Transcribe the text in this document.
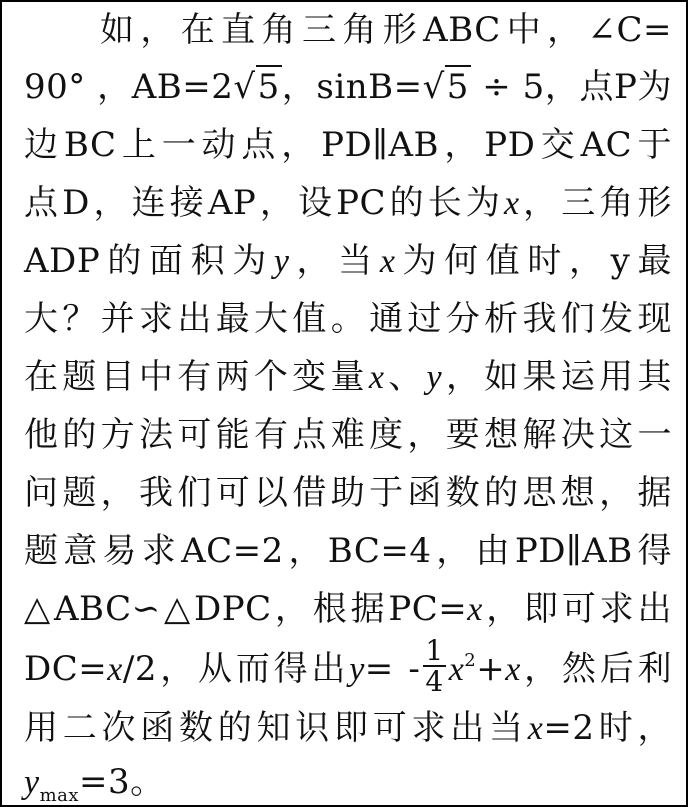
如，在直角三角形ABC中，∠C=
90° ，AB=2√5，sinB=√5 ÷ 5，点P为
边BC上一动点，PD∥AB，PD交AC于
点D，连接AP，设PC的长为x，三角形
ADP的面积为y，当x为何值时，y最
大？并求出最大值。通过分析我们发现
在题目中有两个变量x、y，如果运用其
他的方法可能有点难度，要想解决这一
问题，我们可以借助于函数的思想，据
题意易求AC=2，BC=4，由PD∥AB得
△ABC∽△DPC，根据PC=x，即可求出
DC=x/2，从而得出$y= - \frac{1}{4} x^2+x$，然后利
用二次函数的知识即可求出当x=2时，
$y_{max}=3$。
